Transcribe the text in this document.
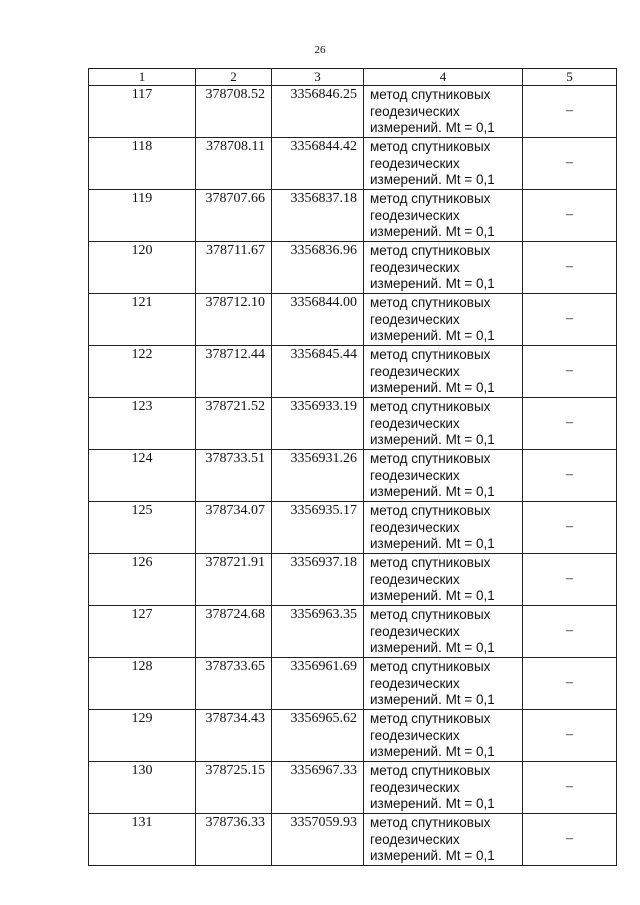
26
1	2	3	4	5
117	378708.52	3356846.25	метод спутниковых геодезических измерений. Mt = 0,1	–
118	378708.11	3356844.42	метод спутниковых геодезических измерений. Mt = 0,1	–
119	378707.66	3356837.18	метод спутниковых геодезических измерений. Mt = 0,1	–
120	378711.67	3356836.96	метод спутниковых геодезических измерений. Mt = 0,1	–
121	378712.10	3356844.00	метод спутниковых геодезических измерений. Mt = 0,1	–
122	378712.44	3356845.44	метод спутниковых геодезических измерений. Mt = 0,1	–
123	378721.52	3356933.19	метод спутниковых геодезических измерений. Mt = 0,1	–
124	378733.51	3356931.26	метод спутниковых геодезических измерений. Mt = 0,1	–
125	378734.07	3356935.17	метод спутниковых геодезических измерений. Mt = 0,1	–
126	378721.91	3356937.18	метод спутниковых геодезических измерений. Mt = 0,1	–
127	378724.68	3356963.35	метод спутниковых геодезических измерений. Mt = 0,1	–
128	378733.65	3356961.69	метод спутниковых геодезических измерений. Mt = 0,1	–
129	378734.43	3356965.62	метод спутниковых геодезических измерений. Mt = 0,1	–
130	378725.15	3356967.33	метод спутниковых геодезических измерений. Mt = 0,1	–
131	378736.33	3357059.93	метод спутниковых геодезических измерений. Mt = 0,1	–
